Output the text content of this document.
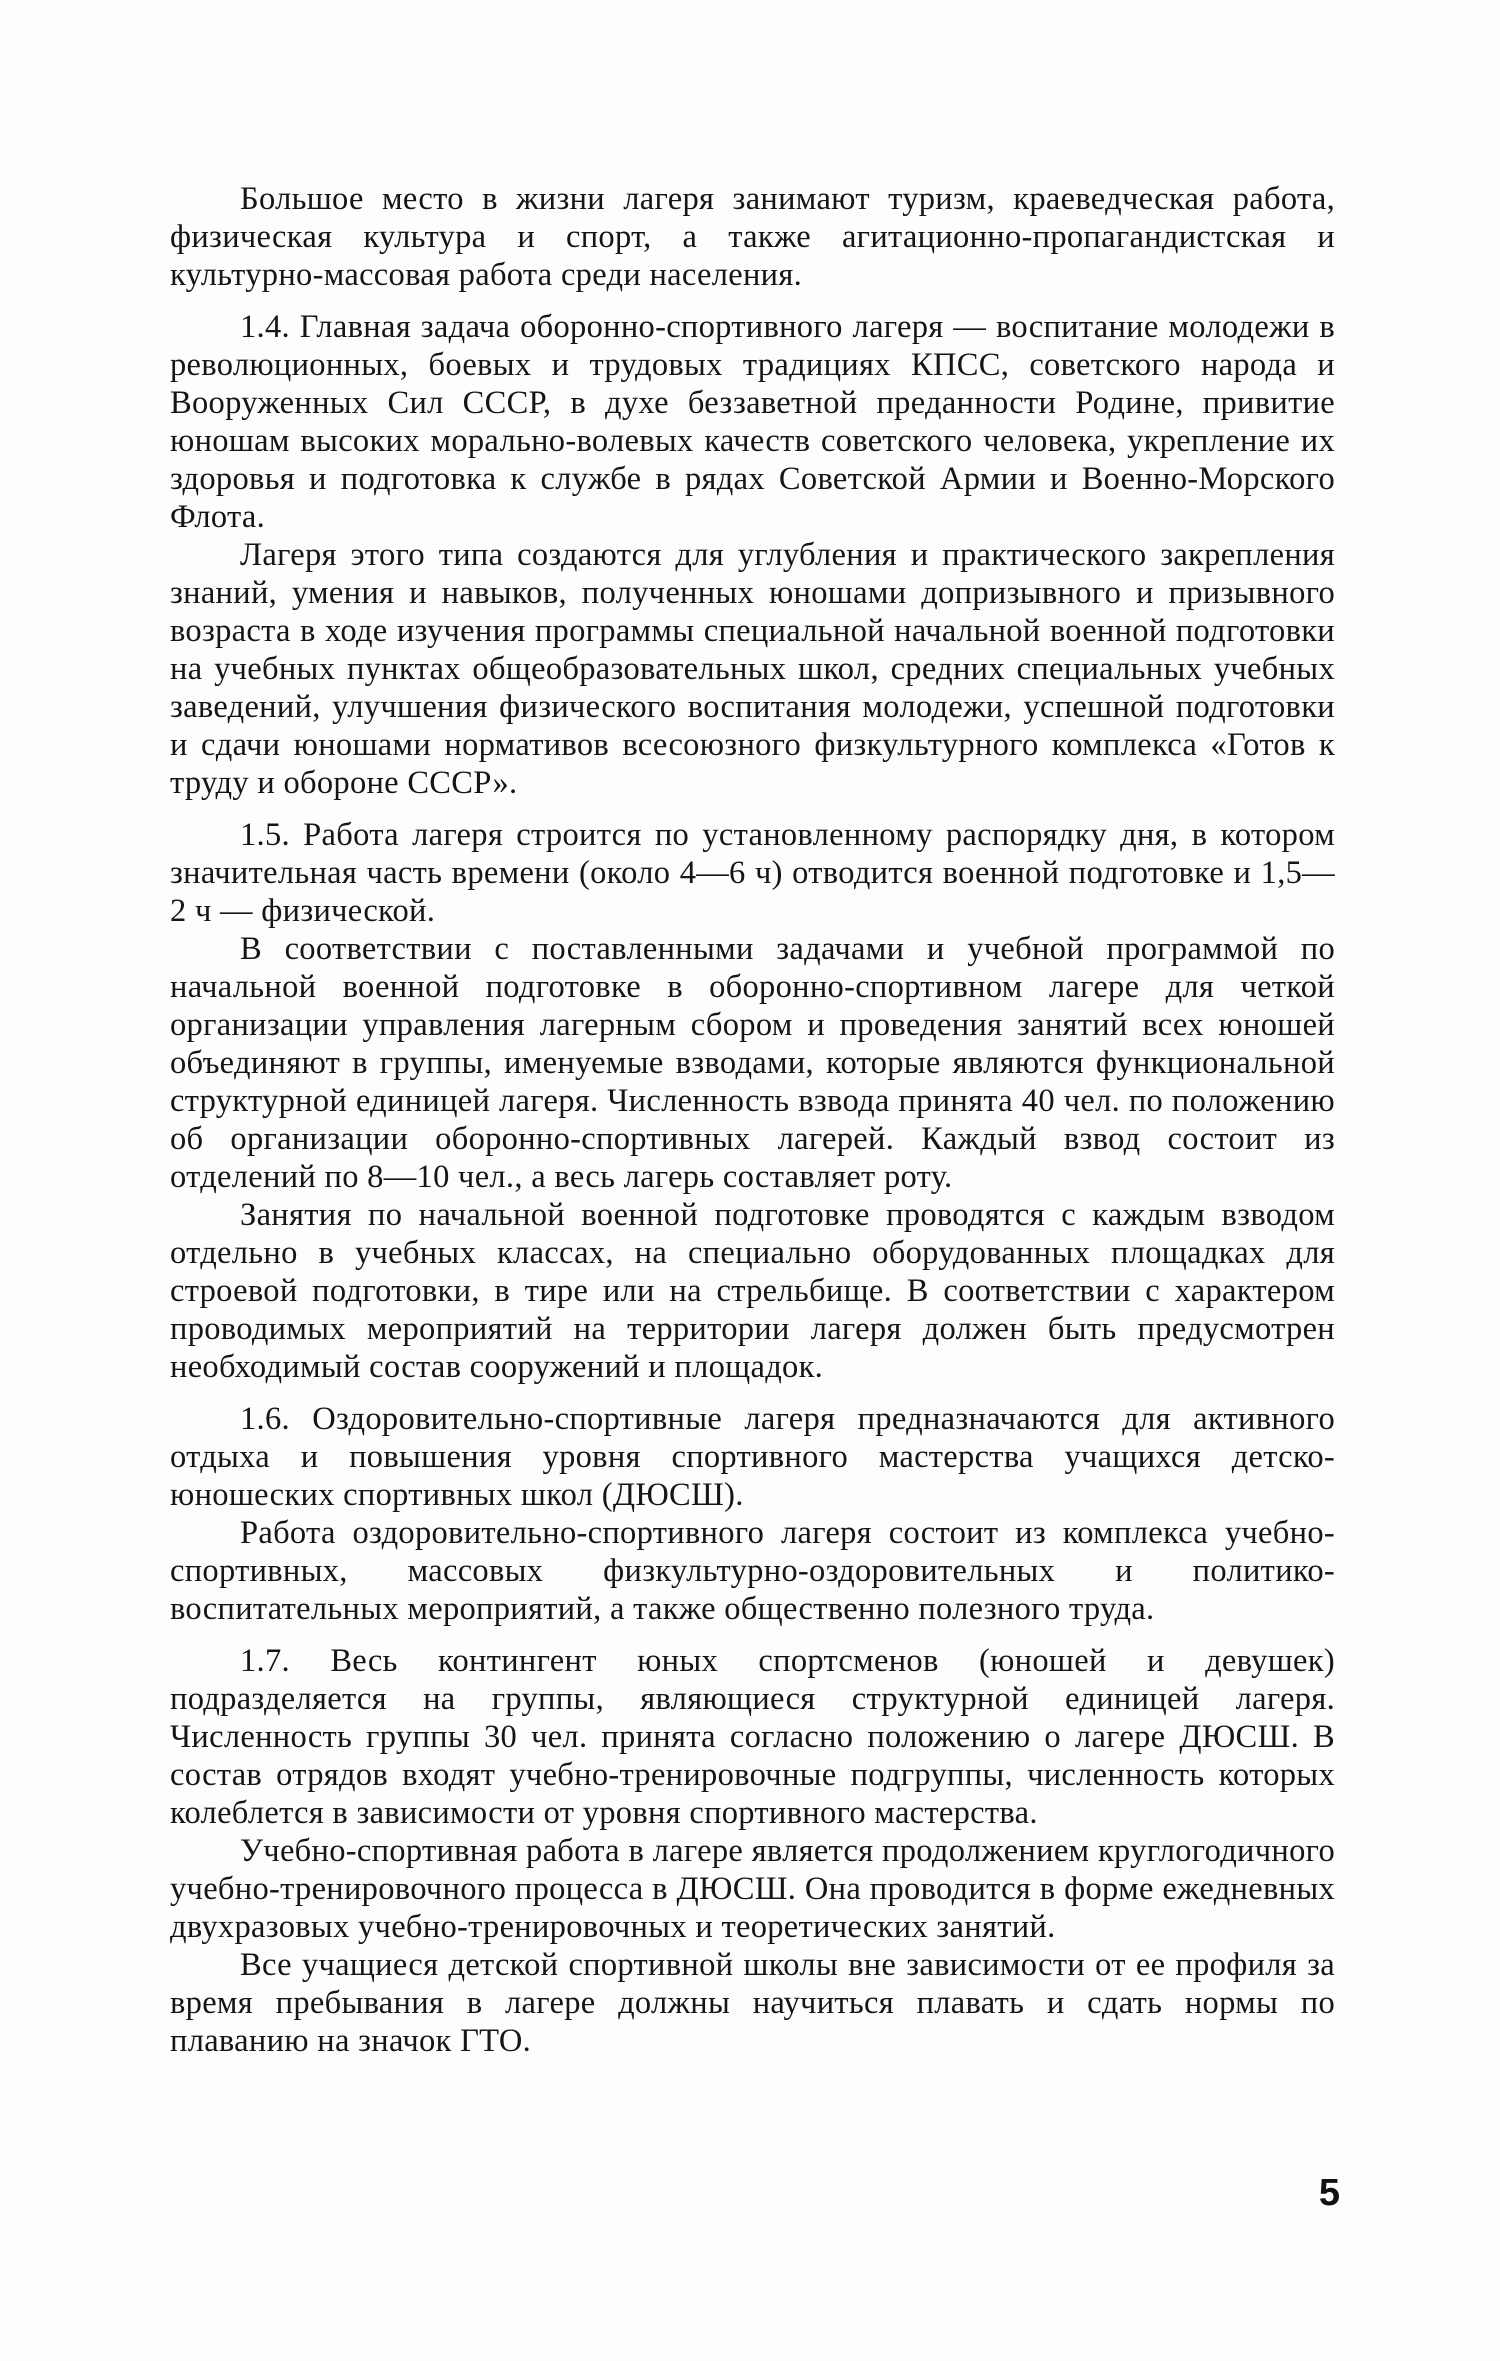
Большое место в жизни лагеря занимают туризм, краеведческая работа, физическая культура и спорт, а также агитационно-пропагандистская и культурно-массовая работа среди населения.

1.4. Главная задача оборонно-спортивного лагеря — воспитание молодежи в революционных, боевых и трудовых традициях КПСС, советского народа и Вооруженных Сил СССР, в духе беззаветной преданности Родине, привитие юношам высоких морально-волевых качеств советского человека, укрепление их здоровья и подготовка к службе в рядах Советской Армии и Военно-Морского Флота.

Лагеря этого типа создаются для углубления и практического закрепления знаний, умения и навыков, полученных юношами допризывного и призывного возраста в ходе изучения программы специальной начальной военной подготовки на учебных пунктах общеобразовательных школ, средних специальных учебных заведений, улучшения физического воспитания молодежи, успешной подготовки и сдачи юношами нормативов всесоюзного физкультурного комплекса «Готов к труду и обороне СССР».

1.5. Работа лагеря строится по установленному распорядку дня, в котором значительная часть времени (около 4—6 ч) отводится военной подготовке и 1,5—2 ч — физической.

В соответствии с поставленными задачами и учебной программой по начальной военной подготовке в оборонно-спортивном лагере для четкой организации управления лагерным сбором и проведения занятий всех юношей объединяют в группы, именуемые взводами, которые являются функциональной структурной единицей лагеря. Численность взвода принята 40 чел. по положению об организации оборонно-спортивных лагерей. Каждый взвод состоит из отделений по 8—10 чел., а весь лагерь составляет роту.

Занятия по начальной военной подготовке проводятся с каждым взводом отдельно в учебных классах, на специально оборудованных площадках для строевой подготовки, в тире или на стрельбище. В соответствии с характером проводимых мероприятий на территории лагеря должен быть предусмотрен необходимый состав сооружений и площадок.

1.6. Оздоровительно-спортивные лагеря предназначаются для активного отдыха и повышения уровня спортивного мастерства учащихся детско-юношеских спортивных школ (ДЮСШ).

Работа оздоровительно-спортивного лагеря состоит из комплекса учебно-спортивных, массовых физкультурно-оздоровительных и политико-воспитательных мероприятий, а также общественно полезного труда.

1.7. Весь контингент юных спортсменов (юношей и девушек) подразделяется на группы, являющиеся структурной единицей лагеря. Численность группы 30 чел. принята согласно положению о лагере ДЮСШ. В состав отрядов входят учебно-тренировочные подгруппы, численность которых колеблется в зависимости от уровня спортивного мастерства.

Учебно-спортивная работа в лагере является продолжением круглогодичного учебно-тренировочного процесса в ДЮСШ. Она проводится в форме ежедневных двухразовых учебно-тренировочных и теоретических занятий.

Все учащиеся детской спортивной школы вне зависимости от ее профиля за время пребывания в лагере должны научиться плавать и сдать нормы по плаванию на значок ГТО.

5
